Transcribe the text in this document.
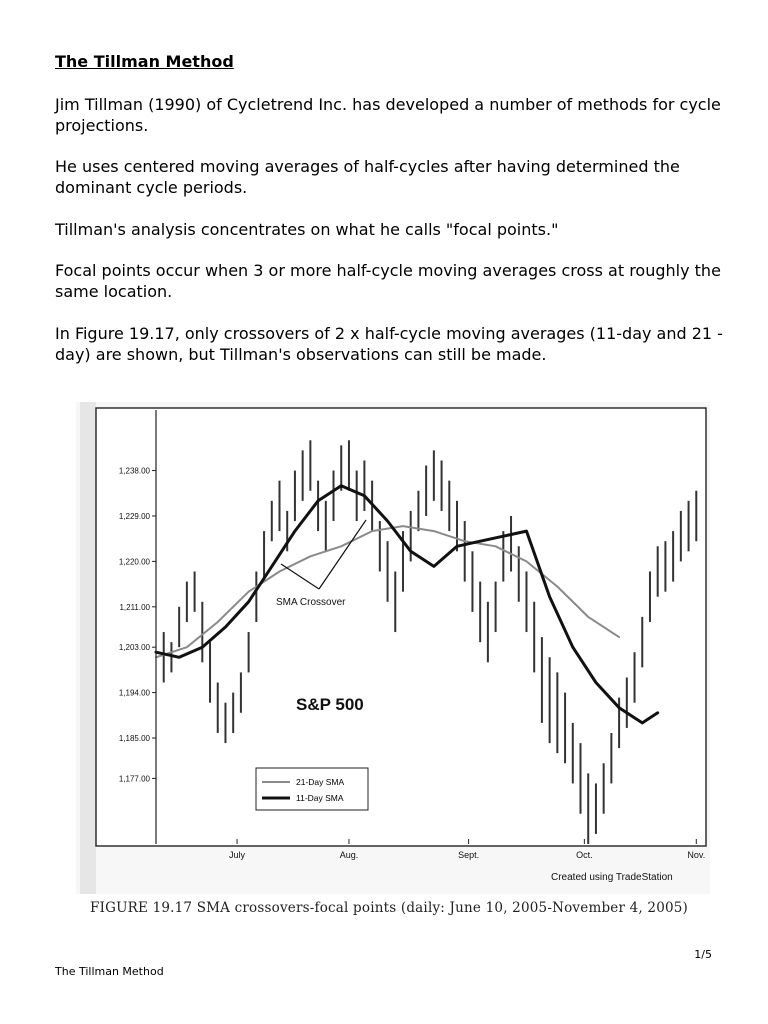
The Tillman Method

Jim Tillman (1990) of Cycletrend Inc. has developed a number of methods for cycle projections.

He uses centered moving averages of half-cycles after having determined the dominant cycle periods.

Tillman's analysis concentrates on what he calls "focal points."

Focal points occur when 3 or more half-cycle moving averages cross at roughly the same location.

In Figure 19.17, only crossovers of 2 x half-cycle moving averages (11-day and 21 -day) are shown, but Tillman's observations can still be made.

1,238.00
1,229.00
1,220.00
1,211.00
1,203.00
1,194.00
1,185.00
1,177.00
July	Aug.	Sept.	Oct.	Nov.
S&P 500
SMA Crossover
21-Day SMA
11-Day SMA
Created using TradeStation

FIGURE 19.17 SMA crossovers-focal points (daily: June 10, 2005-November 4, 2005)

1/5

The Tillman Method
